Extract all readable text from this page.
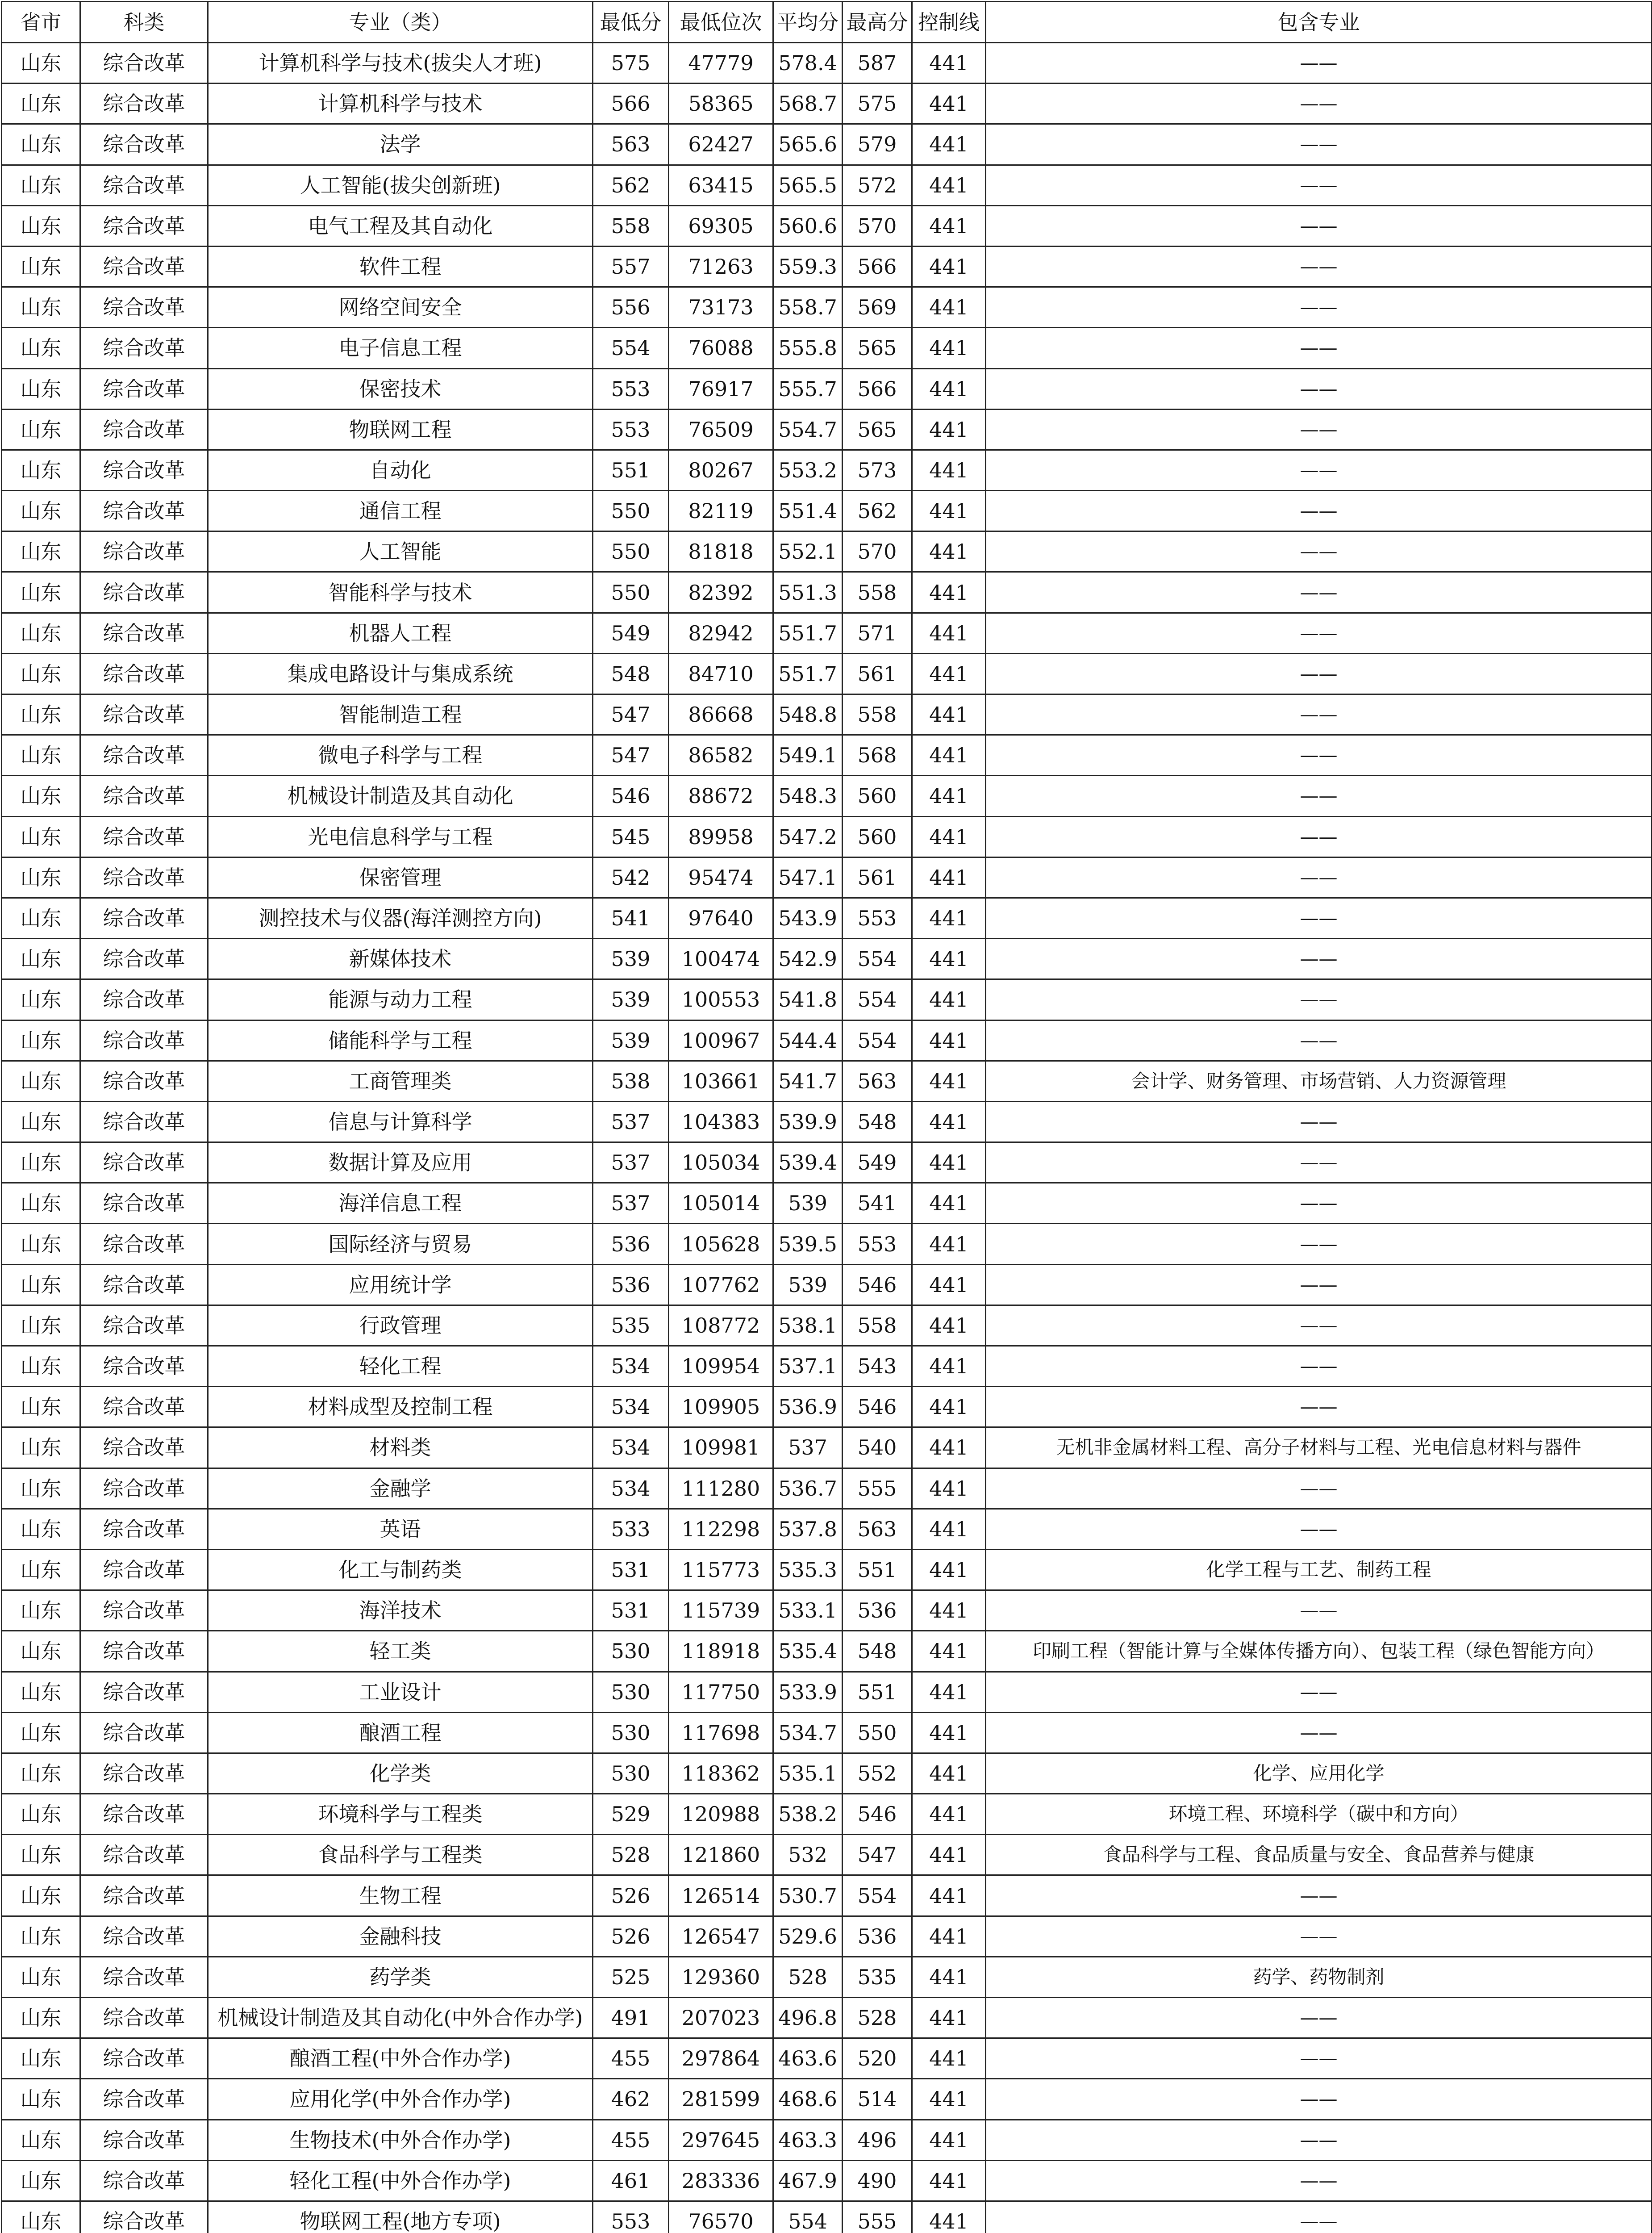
省市	科类	专业（类）	最低分	最低位次	平均分	最高分	控制线	包含专业
山东	综合改革	计算机科学与技术(拔尖人才班)	575	47779	578.4	587	441	——
山东	综合改革	计算机科学与技术	566	58365	568.7	575	441	——
山东	综合改革	法学	563	62427	565.6	579	441	——
山东	综合改革	人工智能(拔尖创新班)	562	63415	565.5	572	441	——
山东	综合改革	电气工程及其自动化	558	69305	560.6	570	441	——
山东	综合改革	软件工程	557	71263	559.3	566	441	——
山东	综合改革	网络空间安全	556	73173	558.7	569	441	——
山东	综合改革	电子信息工程	554	76088	555.8	565	441	——
山东	综合改革	保密技术	553	76917	555.7	566	441	——
山东	综合改革	物联网工程	553	76509	554.7	565	441	——
山东	综合改革	自动化	551	80267	553.2	573	441	——
山东	综合改革	通信工程	550	82119	551.4	562	441	——
山东	综合改革	人工智能	550	81818	552.1	570	441	——
山东	综合改革	智能科学与技术	550	82392	551.3	558	441	——
山东	综合改革	机器人工程	549	82942	551.7	571	441	——
山东	综合改革	集成电路设计与集成系统	548	84710	551.7	561	441	——
山东	综合改革	智能制造工程	547	86668	548.8	558	441	——
山东	综合改革	微电子科学与工程	547	86582	549.1	568	441	——
山东	综合改革	机械设计制造及其自动化	546	88672	548.3	560	441	——
山东	综合改革	光电信息科学与工程	545	89958	547.2	560	441	——
山东	综合改革	保密管理	542	95474	547.1	561	441	——
山东	综合改革	测控技术与仪器(海洋测控方向)	541	97640	543.9	553	441	——
山东	综合改革	新媒体技术	539	100474	542.9	554	441	——
山东	综合改革	能源与动力工程	539	100553	541.8	554	441	——
山东	综合改革	储能科学与工程	539	100967	544.4	554	441	——
山东	综合改革	工商管理类	538	103661	541.7	563	441	会计学、财务管理、市场营销、人力资源管理
山东	综合改革	信息与计算科学	537	104383	539.9	548	441	——
山东	综合改革	数据计算及应用	537	105034	539.4	549	441	——
山东	综合改革	海洋信息工程	537	105014	539	541	441	——
山东	综合改革	国际经济与贸易	536	105628	539.5	553	441	——
山东	综合改革	应用统计学	536	107762	539	546	441	——
山东	综合改革	行政管理	535	108772	538.1	558	441	——
山东	综合改革	轻化工程	534	109954	537.1	543	441	——
山东	综合改革	材料成型及控制工程	534	109905	536.9	546	441	——
山东	综合改革	材料类	534	109981	537	540	441	无机非金属材料工程、高分子材料与工程、光电信息材料与器件
山东	综合改革	金融学	534	111280	536.7	555	441	——
山东	综合改革	英语	533	112298	537.8	563	441	——
山东	综合改革	化工与制药类	531	115773	535.3	551	441	化学工程与工艺、制药工程
山东	综合改革	海洋技术	531	115739	533.1	536	441	——
山东	综合改革	轻工类	530	118918	535.4	548	441	印刷工程（智能计算与全媒体传播方向）、包装工程（绿色智能方向）
山东	综合改革	工业设计	530	117750	533.9	551	441	——
山东	综合改革	酿酒工程	530	117698	534.7	550	441	——
山东	综合改革	化学类	530	118362	535.1	552	441	化学、应用化学
山东	综合改革	环境科学与工程类	529	120988	538.2	546	441	环境工程、环境科学（碳中和方向）
山东	综合改革	食品科学与工程类	528	121860	532	547	441	食品科学与工程、食品质量与安全、食品营养与健康
山东	综合改革	生物工程	526	126514	530.7	554	441	——
山东	综合改革	金融科技	526	126547	529.6	536	441	——
山东	综合改革	药学类	525	129360	528	535	441	药学、药物制剂
山东	综合改革	机械设计制造及其自动化(中外合作办学)	491	207023	496.8	528	441	——
山东	综合改革	酿酒工程(中外合作办学)	455	297864	463.6	520	441	——
山东	综合改革	应用化学(中外合作办学)	462	281599	468.6	514	441	——
山东	综合改革	生物技术(中外合作办学)	455	297645	463.3	496	441	——
山东	综合改革	轻化工程(中外合作办学)	461	283336	467.9	490	441	——
山东	综合改革	物联网工程(地方专项)	553	76570	554	555	441	——
